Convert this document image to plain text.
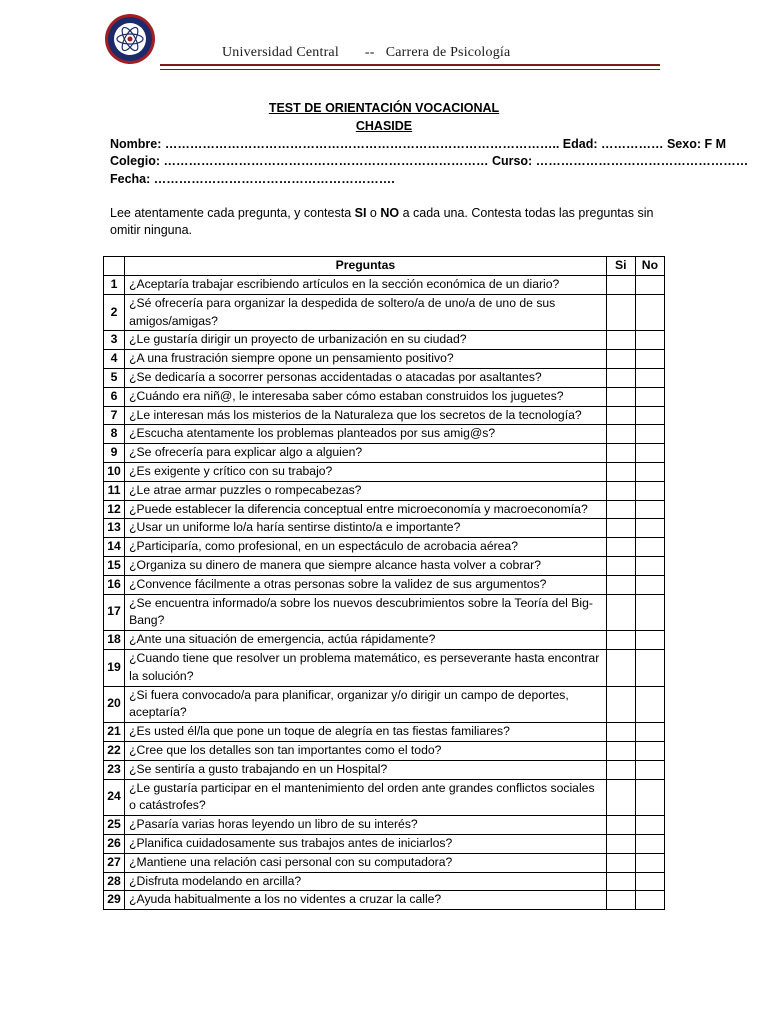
Universidad Central -- Carrera de Psicología
TEST DE ORIENTACIÓN VOCACIONAL
CHASIDE
Nombre: ………………………………………………………………………………….. Edad: …………… Sexo: F M
Colegio: …………………………………………………………………… Curso: ……………………………………………
Fecha: ………………………………………………….
Lee atentamente cada pregunta, y contesta SI o NO a cada una. Contesta todas las preguntas sin omitir ninguna.
	Preguntas	Si	No
1	¿Aceptaría trabajar escribiendo artículos en la sección económica de un diario?		
2	¿Sé ofrecería para organizar la despedida de soltero/a de uno/a de uno de sus amigos/amigas?		
3	¿Le gustaría dirigir un proyecto de urbanización en su ciudad?		
4	¿A una frustración siempre opone un pensamiento positivo?		
5	¿Se dedicaría a socorrer personas accidentadas o atacadas por asaltantes?		
6	¿Cuándo era niñ@, le interesaba saber cómo estaban construidos los juguetes?		
7	¿Le interesan más los misterios de la Naturaleza que los secretos de la tecnología?		
8	¿Escucha atentamente los problemas planteados por sus amig@s?		
9	¿Se ofrecería para explicar algo a alguien?		
10	¿Es exigente y crítico con su trabajo?		
11	¿Le atrae armar puzzles o rompecabezas?		
12	¿Puede establecer la diferencia conceptual entre microeconomía y macroeconomía?		
13	¿Usar un uniforme lo/a haría sentirse distinto/a e importante?		
14	¿Participaría, como profesional, en un espectáculo de acrobacia aérea?		
15	¿Organiza su dinero de manera que siempre alcance hasta volver a cobrar?		
16	¿Convence fácilmente a otras personas sobre la validez de sus argumentos?		
17	¿Se encuentra informado/a sobre los nuevos descubrimientos sobre la Teoría del Big- Bang?		
18	¿Ante una situación de emergencia, actúa rápidamente?		
19	¿Cuando tiene que resolver un problema matemático, es perseverante hasta encontrar la solución?		
20	¿Si fuera convocado/a para planificar, organizar y/o dirigir un campo de deportes, aceptaría?		
21	¿Es usted él/la que pone un toque de alegría en tas fiestas familiares?		
22	¿Cree que los detalles son tan importantes como el todo?		
23	¿Se sentiría a gusto trabajando en un Hospital?		
24	¿Le gustaría participar en el mantenimiento del orden ante grandes conflictos sociales o catástrofes?		
25	¿Pasaría varias horas leyendo un libro de su interés?		
26	¿Planifica cuidadosamente sus trabajos antes de iniciarlos?		
27	¿Mantiene una relación casi personal con su computadora?		
28	¿Disfruta modelando en arcilla?		
29	¿Ayuda habitualmente a los no videntes a cruzar la calle?		
